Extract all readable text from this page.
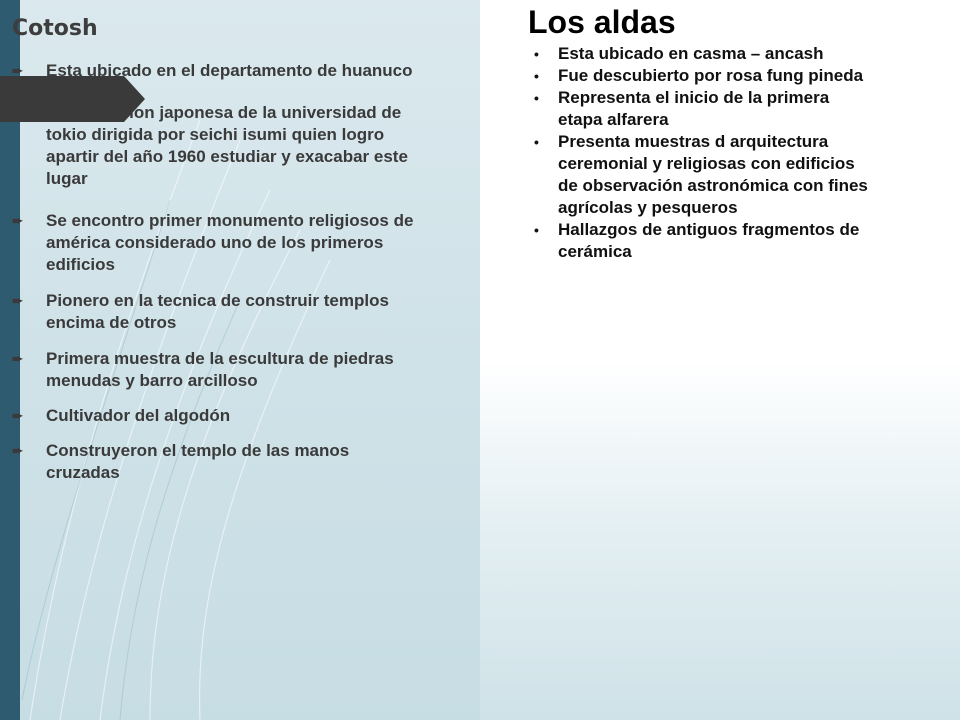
Cotosh
➨ Esta ubicado en el departamento de huanuco
➨ Fue la mision japonesa de la universidad de tokio dirigida por seichi isumi quien logro apartir del año 1960 estudiar y exacabar este lugar
➨ Se encontro primer monumento religiosos de américa considerado uno de los primeros edificios
➨ Pionero en la tecnica de construir templos encima de otros
➨ Primera muestra de la escultura de piedras menudas y barro arcilloso
➨ Cultivador del algodón
➨ Construyeron el templo de las manos cruzadas
Los aldas
• Esta ubicado en casma – ancash
• Fue descubierto por rosa fung pineda
• Representa el inicio de la primera etapa alfarera
• Presenta muestras d arquitectura ceremonial y religiosas con edificios de observación astronómica con fines agrícolas y pesqueros
• Hallazgos de antiguos fragmentos de cerámica
